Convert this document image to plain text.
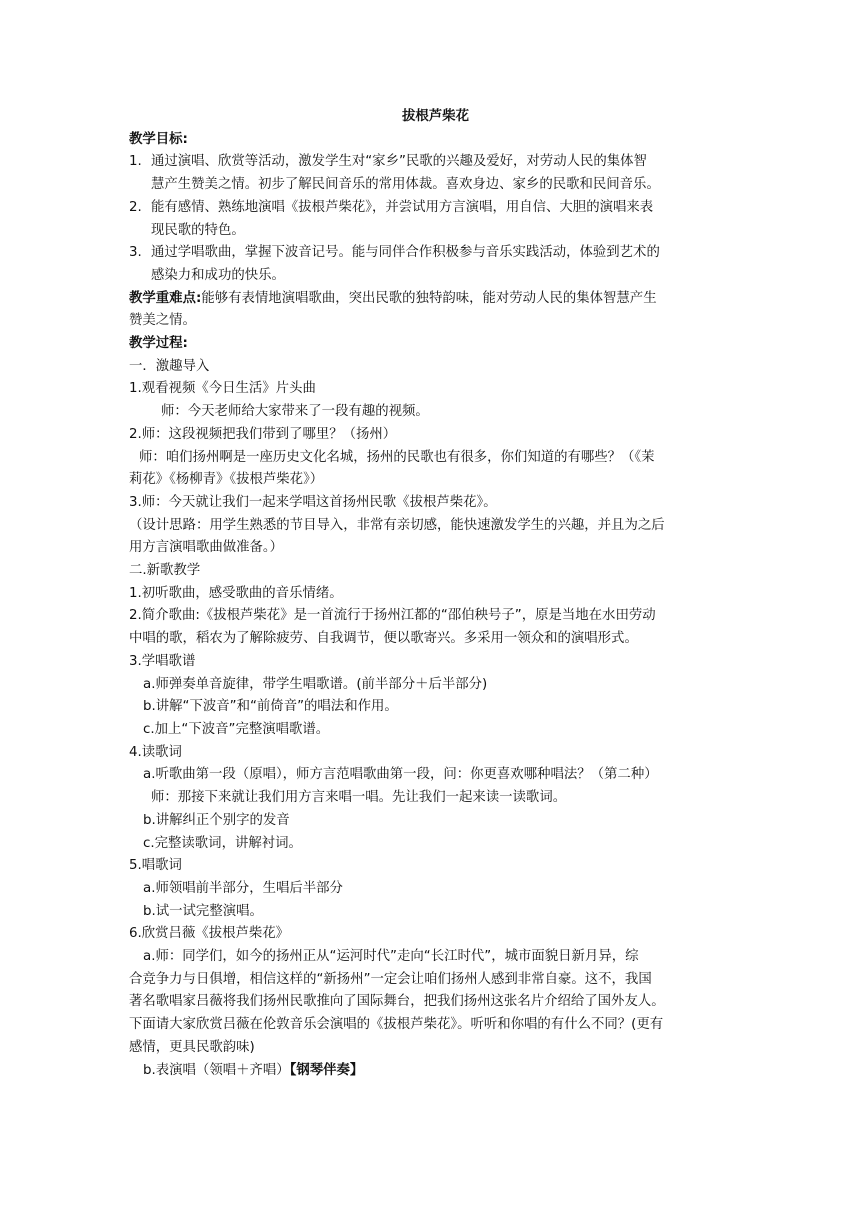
拔根芦柴花
教学目标:
1. 通过演唱、欣赏等活动，激发学生对“家乡”民歌的兴趣及爱好，对劳动人民的集体智
慧产生赞美之情。初步了解民间音乐的常用体裁。喜欢身边、家乡的民歌和民间音乐。
2. 能有感情、熟练地演唱《拔根芦柴花》，并尝试用方言演唱，用自信、大胆的演唱来表
现民歌的特色。
3. 通过学唱歌曲，掌握下波音记号。能与同伴合作积极参与音乐实践活动，体验到艺术的
感染力和成功的快乐。
教学重难点:能够有表情地演唱歌曲，突出民歌的独特韵味，能对劳动人民的集体智慧产生
赞美之情。
教学过程:
一．激趣导入
1.观看视频《今日生活》片头曲
师：今天老师给大家带来了一段有趣的视频。
2.师：这段视频把我们带到了哪里？（扬州）
师：咱们扬州啊是一座历史文化名城，扬州的民歌也有很多，你们知道的有哪些？（《茉
莉花》《杨柳青》《拔根芦柴花》）
3.师：今天就让我们一起来学唱这首扬州民歌《拔根芦柴花》。
（设计思路：用学生熟悉的节目导入，非常有亲切感，能快速激发学生的兴趣，并且为之后
用方言演唱歌曲做准备。）
二.新歌教学
1.初听歌曲，感受歌曲的音乐情绪。
2.简介歌曲:《拔根芦柴花》是一首流行于扬州江都的“邵伯秧号子”，原是当地在水田劳动
中唱的歌，稻农为了解除疲劳、自我调节，便以歌寄兴。多采用一领众和的演唱形式。
3.学唱歌谱
a.师弹奏单音旋律，带学生唱歌谱。(前半部分＋后半部分)
b.讲解“下波音”和“前倚音”的唱法和作用。
c.加上“下波音”完整演唱歌谱。
4.读歌词
a.听歌曲第一段（原唱），师方言范唱歌曲第一段，问：你更喜欢哪种唱法？（第二种）
师：那接下来就让我们用方言来唱一唱。先让我们一起来读一读歌词。
b.讲解纠正个别字的发音
c.完整读歌词，讲解衬词。
5.唱歌词
a.师领唱前半部分，生唱后半部分
b.试一试完整演唱。
6.欣赏吕薇《拔根芦柴花》
a.师：同学们，如今的扬州正从“运河时代”走向“长江时代”，城市面貌日新月异，综
合竞争力与日俱增，相信这样的“新扬州”一定会让咱们扬州人感到非常自豪。这不，我国
著名歌唱家吕薇将我们扬州民歌推向了国际舞台，把我们扬州这张名片介绍给了国外友人。
下面请大家欣赏吕薇在伦敦音乐会演唱的《拔根芦柴花》。听听和你唱的有什么不同？(更有
感情，更具民歌韵味)
b.表演唱（领唱＋齐唱）【钢琴伴奏】
